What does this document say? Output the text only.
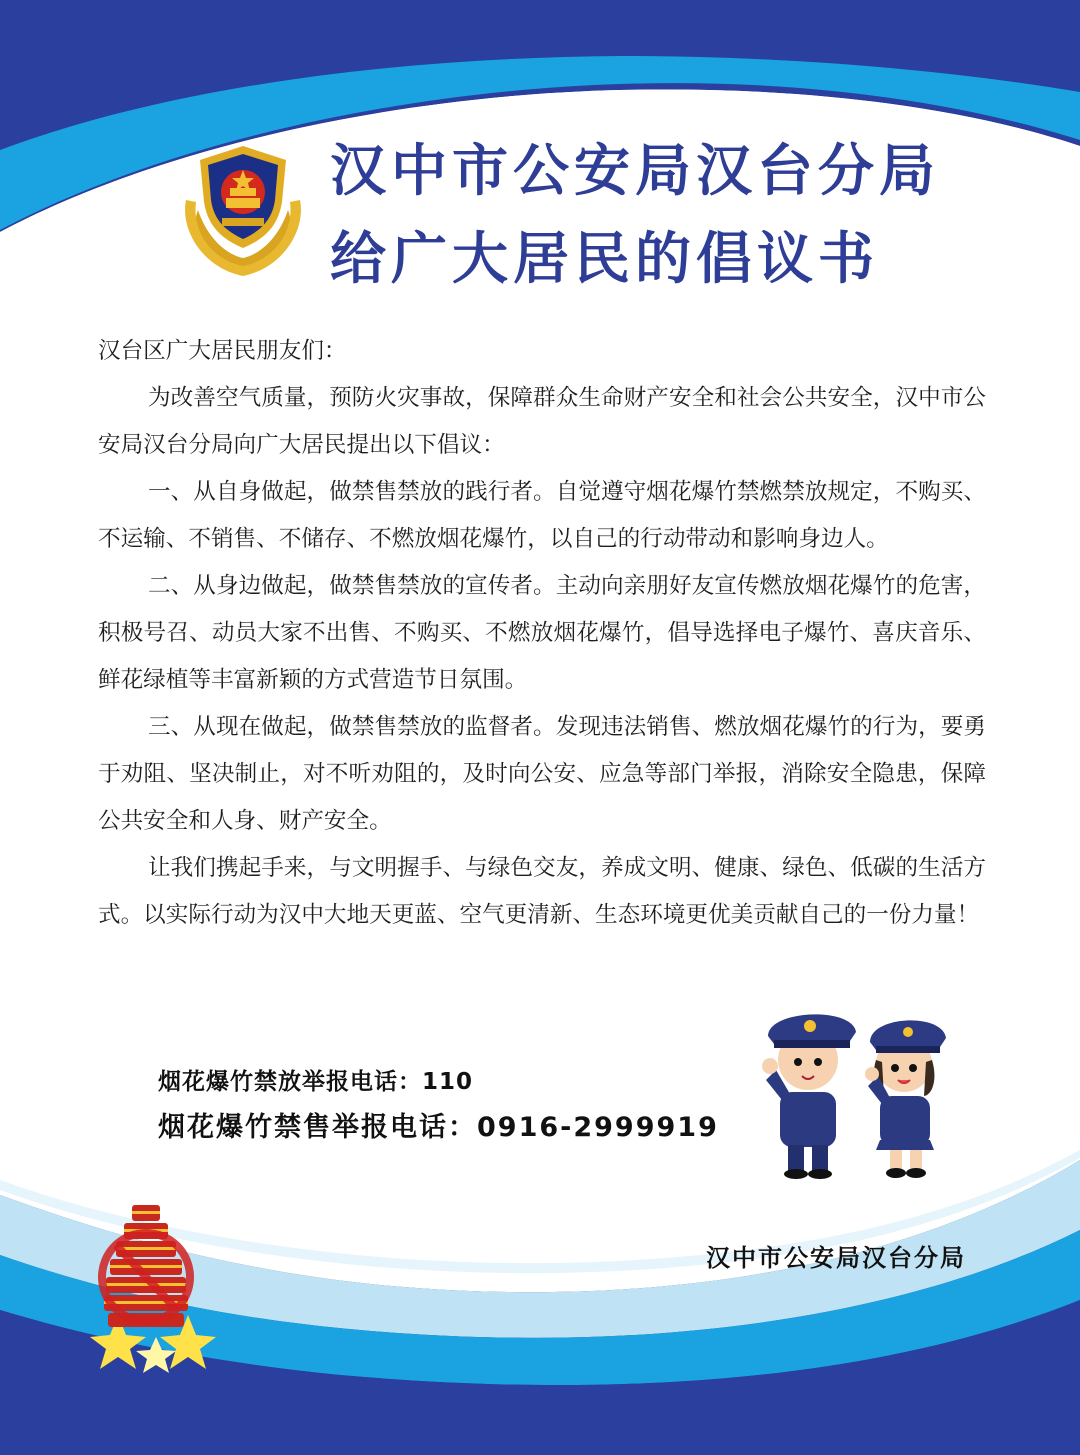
汉中市公安局汉台分局
给广大居民的倡议书

汉台区广大居民朋友们：

为改善空气质量，预防火灾事故，保障群众生命财产安全和社会公共安全，汉中市公安局汉台分局向广大居民提出以下倡议：

一、从自身做起，做禁售禁放的践行者。自觉遵守烟花爆竹禁燃禁放规定，不购买、不运输、不销售、不储存、不燃放烟花爆竹，以自己的行动带动和影响身边人。

二、从身边做起，做禁售禁放的宣传者。主动向亲朋好友宣传燃放烟花爆竹的危害，积极号召、动员大家不出售、不购买、不燃放烟花爆竹，倡导选择电子爆竹、喜庆音乐、鲜花绿植等丰富新颖的方式营造节日氛围。

三、从现在做起，做禁售禁放的监督者。发现违法销售、燃放烟花爆竹的行为，要勇于劝阻、坚决制止，对不听劝阻的，及时向公安、应急等部门举报，消除安全隐患，保障公共安全和人身、财产安全。

让我们携起手来，与文明握手、与绿色交友，养成文明、健康、绿色、低碳的生活方式。以实际行动为汉中大地天更蓝、空气更清新、生态环境更优美贡献自己的一份力量！

烟花爆竹禁放举报电话：110
烟花爆竹禁售举报电话：0916-2999919
汉中市公安局汉台分局
